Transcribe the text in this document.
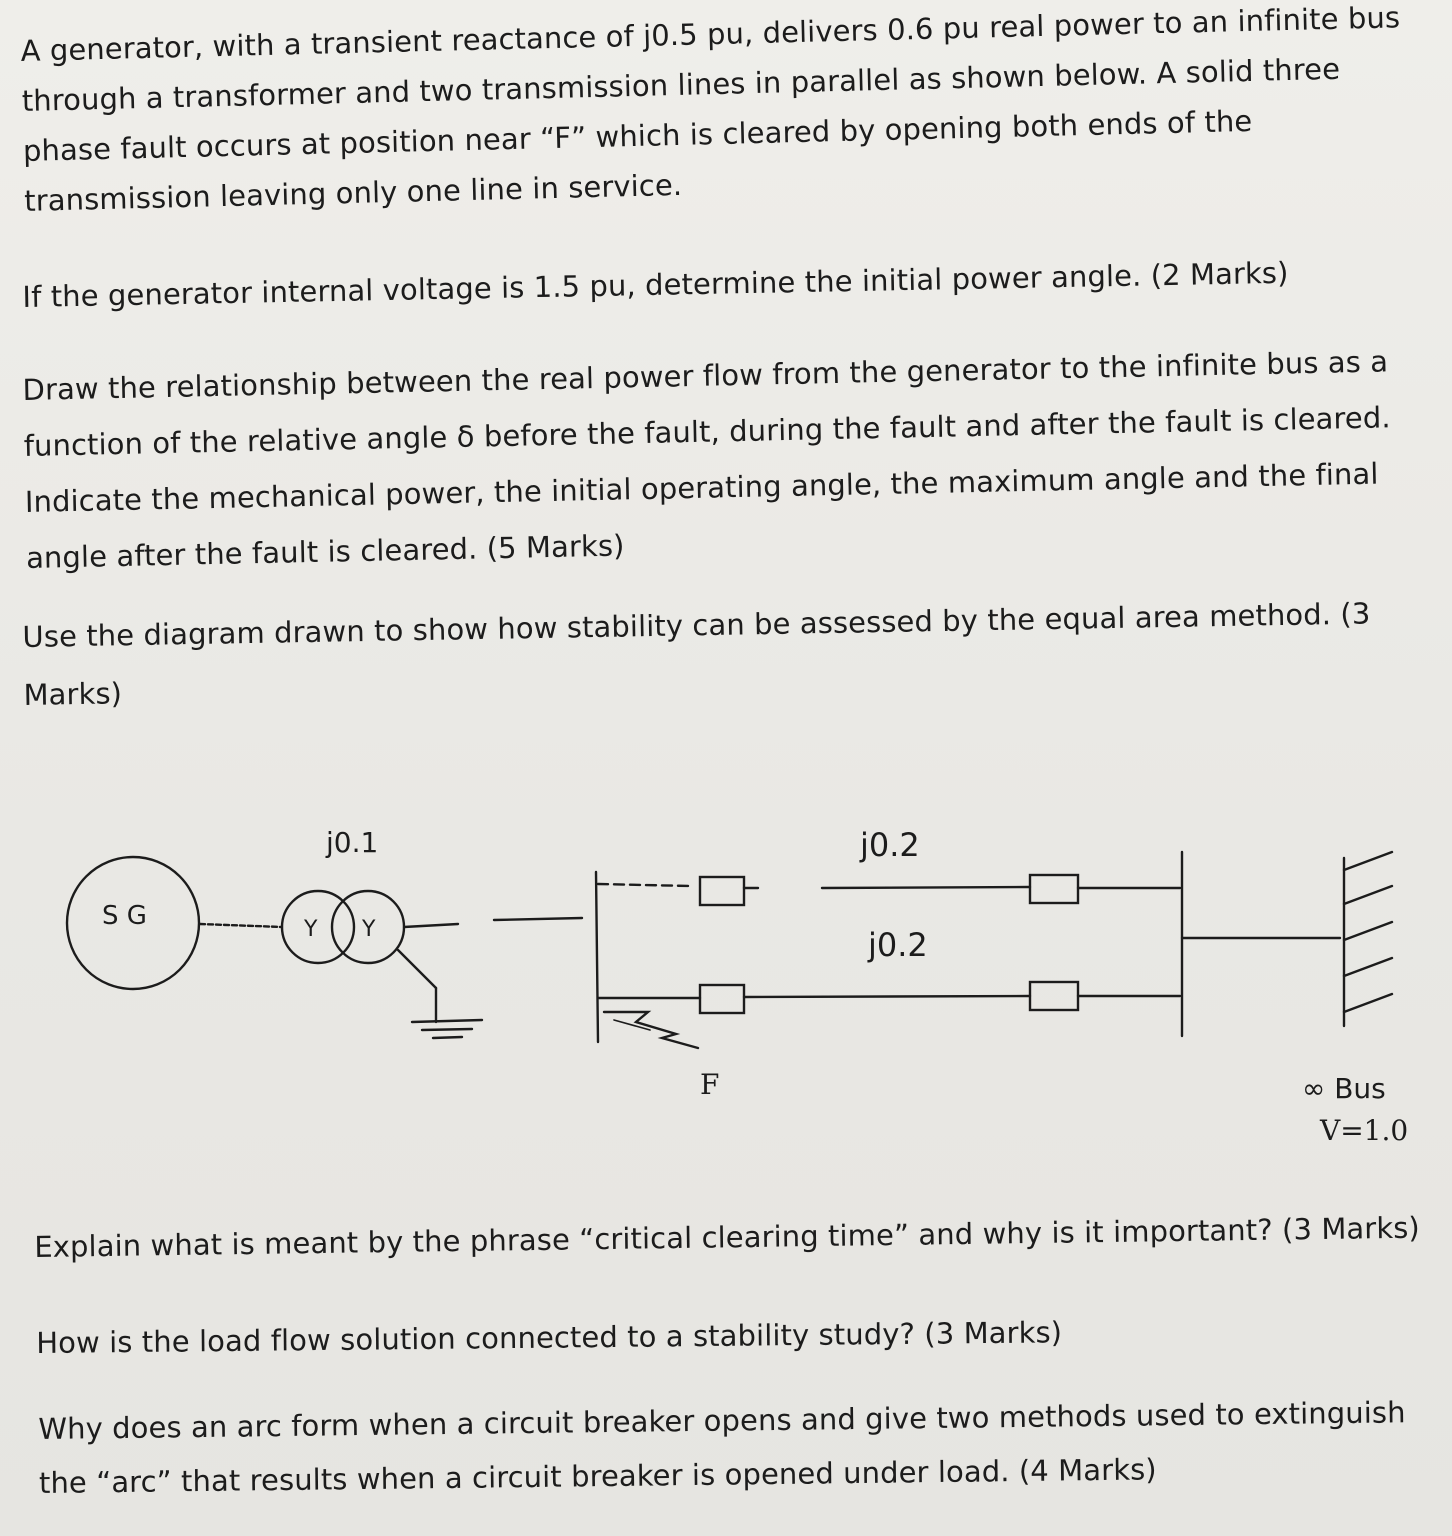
A generator, with a transient reactance of j0.5 pu, delivers 0.6 pu real power to an infinite bus
through a transformer and two transmission lines in parallel as shown below. A solid three
phase fault occurs at position near “F” which is cleared by opening both ends of the
transmission leaving only one line in service.
If the generator internal voltage is 1.5 pu, determine the initial power angle. (2 Marks)
Draw the relationship between the real power flow from the generator to the infinite bus as a
function of the relative angle δ before the fault, during the fault and after the fault is cleared.
Indicate the mechanical power, the initial operating angle, the maximum angle and the final
angle after the fault is cleared. (5 Marks)
Use the diagram drawn to show how stability can be assessed by the equal area method. (3
Marks)
S G	Y Y
j0.1	j0.2
j0.2
F	∞ Bus
V=1.0
Explain what is meant by the phrase “critical clearing time” and why is it important? (3 Marks)
How is the load flow solution connected to a stability study? (3 Marks)
Why does an arc form when a circuit breaker opens and give two methods used to extinguish
the “arc” that results when a circuit breaker is opened under load. (4 Marks)
